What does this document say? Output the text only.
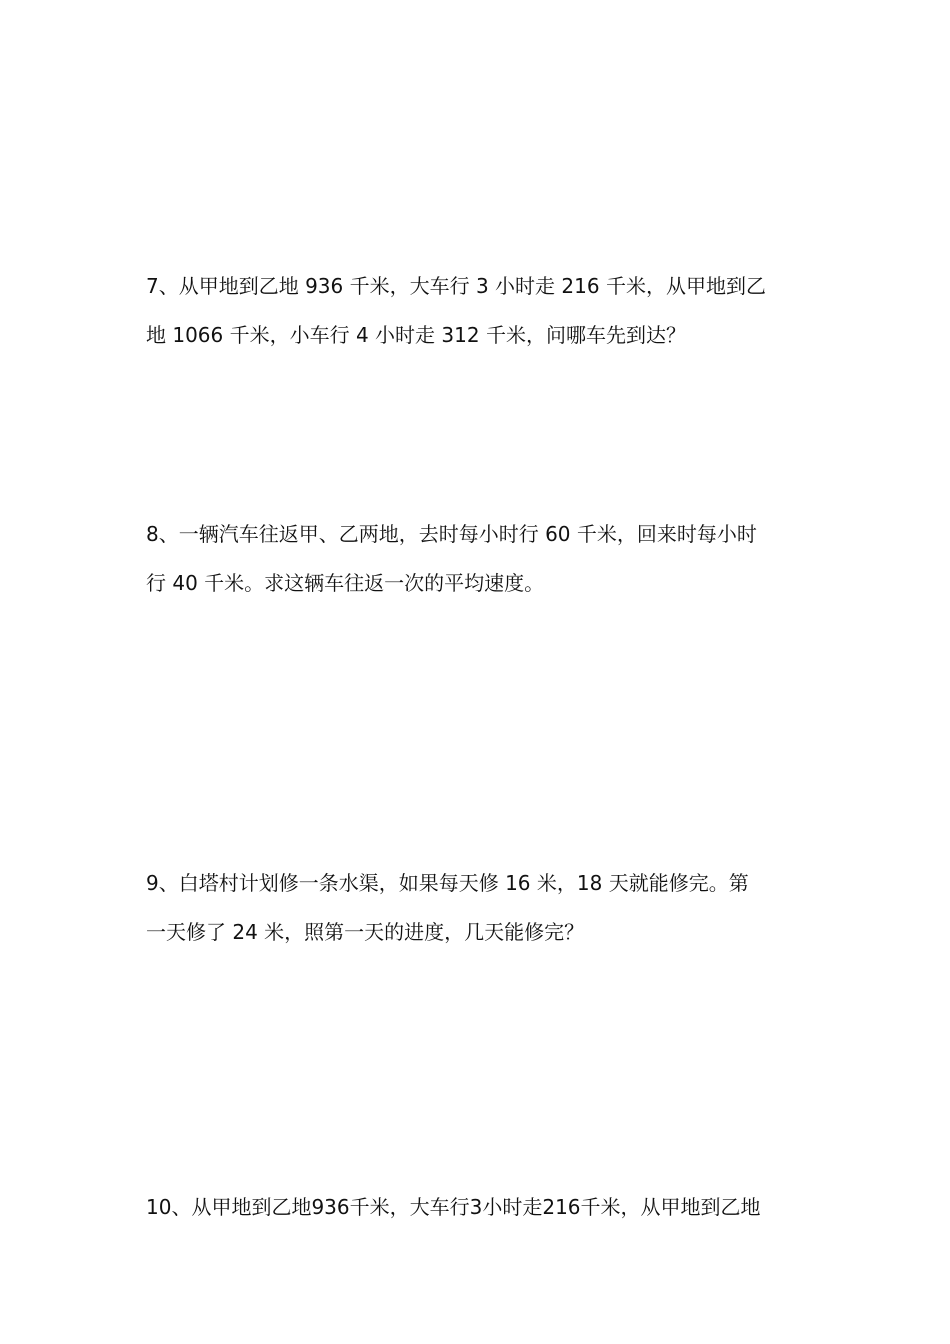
7、从甲地到乙地 936 千米，大车行 3 小时走 216 千米，从甲地到乙

地 1066 千米，小车行 4 小时走 312 千米，问哪车先到达？

8、一辆汽车往返甲、乙两地，去时每小时行 60 千米，回来时每小时

行 40 千米。求这辆车往返一次的平均速度。

9、白塔村计划修一条水渠，如果每天修 16 米，18 天就能修完。第

一天修了 24 米，照第一天的进度，几天能修完？

10、从甲地到乙地936千米，大车行3小时走216千米，从甲地到乙地
